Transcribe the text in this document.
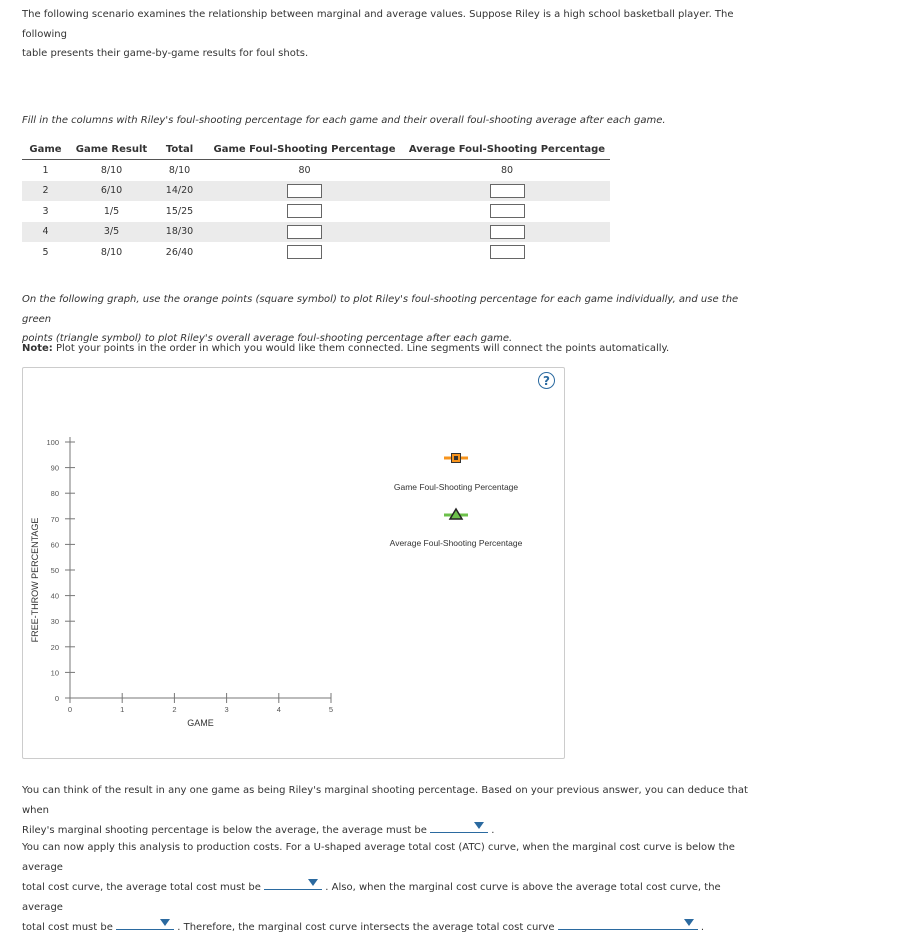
The following scenario examines the relationship between marginal and average values. Suppose Riley is a high school basketball player. The following
table presents their game-by-game results for foul shots.
Fill in the columns with Riley's foul-shooting percentage for each game and their overall foul-shooting average after each game.
Game	Game Result	Total	Game Foul-Shooting Percentage	Average Foul-Shooting Percentage
1	8/10	8/10	80	80
2	6/10	14/20		
3	1/5	15/25		
4	3/5	18/30		
5	8/10	26/40		
On the following graph, use the orange points (square symbol) to plot Riley's foul-shooting percentage for each game individually, and use the green
points (triangle symbol) to plot Riley's overall average foul-shooting percentage after each game.
Note: Plot your points in the order in which you would like them connected. Line segments will connect the points automatically.
?
0
10
20
30
40
50
60
70
80
90
100
0	1	2	3	4	5
GAME
FREE-THROW PERCENTAGE
Game Foul-Shooting Percentage
Average Foul-Shooting Percentage
You can think of the result in any one game as being Riley's marginal shooting percentage. Based on your previous answer, you can deduce that when
Riley's marginal shooting percentage is below the average, the average must be	.
You can now apply this analysis to production costs. For a U-shaped average total cost (ATC) curve, when the marginal cost curve is below the average
total cost curve, the average total cost must be	. Also, when the marginal cost curve is above the average total cost curve, the average
total cost must be	. Therefore, the marginal cost curve intersects the average total cost curve	.
